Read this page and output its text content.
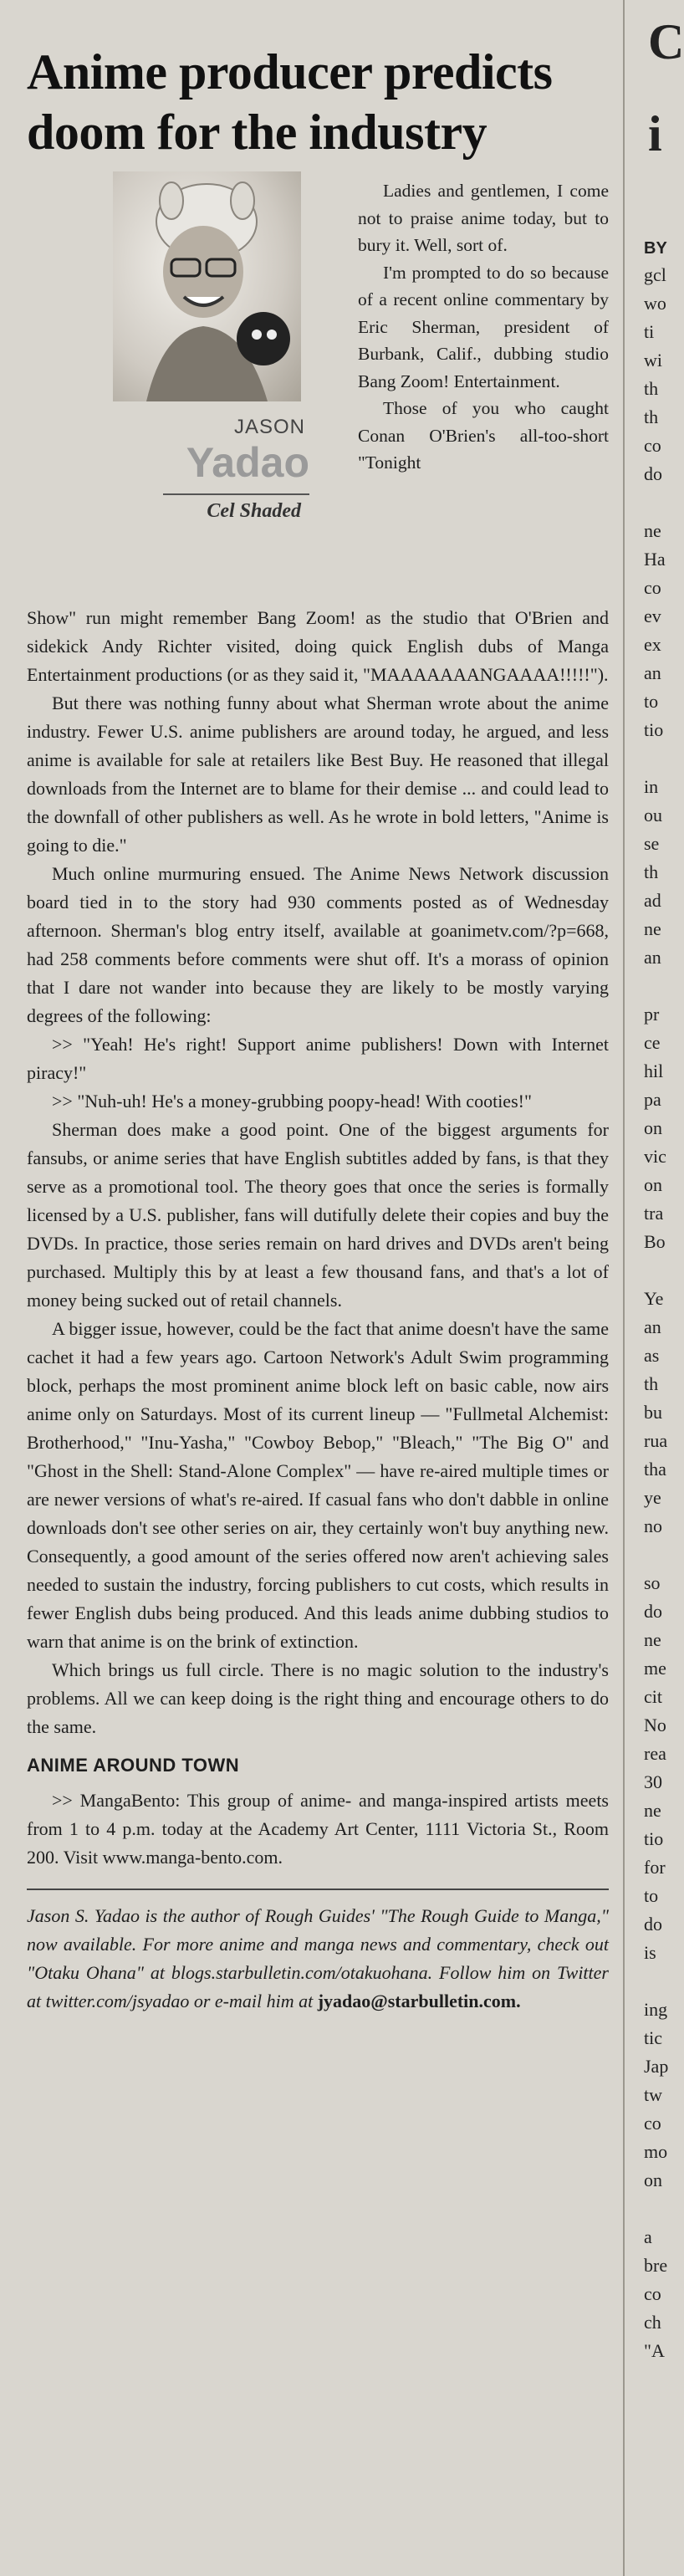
Anime producer predicts doom for the industry
JASON
Yadao
Cel Shaded

Ladies and gentlemen, I come not to praise anime today, but to bury it. Well, sort of.

I'm prompted to do so because of a recent online commentary by Eric Sherman, president of Burbank, Calif., dubbing studio Bang Zoom! Entertainment.

Those of you who caught Conan O'Brien's all-too-short "Tonight

Show" run might remember Bang Zoom! as the studio that O'Brien and sidekick Andy Richter visited, doing quick English dubs of Manga Entertainment productions (or as they said it, "MAAAAAAANGAAAA!!!!!").

But there was nothing funny about what Sherman wrote about the anime industry. Fewer U.S. anime publishers are around today, he argued, and less anime is available for sale at retailers like Best Buy. He reasoned that illegal downloads from the Internet are to blame for their demise ... and could lead to the downfall of other publishers as well. As he wrote in bold letters, "Anime is going to die."

Much online murmuring ensued. The Anime News Network discussion board tied in to the story had 930 comments posted as of Wednesday afternoon. Sherman's blog entry itself, available at goanimetv.com/?p=668, had 258 comments before comments were shut off. It's a morass of opinion that I dare not wander into because they are likely to be mostly varying degrees of the following:

>> "Yeah! He's right! Support anime publishers! Down with Internet piracy!"

>> "Nuh-uh! He's a money-grubbing poopy-head! With cooties!"

Sherman does make a good point. One of the biggest arguments for fansubs, or anime series that have English subtitles added by fans, is that they serve as a promotional tool. The theory goes that once the series is formally licensed by a U.S. publisher, fans will dutifully delete their copies and buy the DVDs. In practice, those series remain on hard drives and DVDs aren't being purchased. Multiply this by at least a few thousand fans, and that's a lot of money being sucked out of retail channels.

A bigger issue, however, could be the fact that anime doesn't have the same cachet it had a few years ago. Cartoon Network's Adult Swim programming block, perhaps the most prominent anime block left on basic cable, now airs anime only on Saturdays. Most of its current lineup — "Fullmetal Alchemist: Brotherhood," "Inu-Yasha," "Cowboy Bebop," "Bleach," "The Big O" and "Ghost in the Shell: Stand-Alone Complex" — have re-aired multiple times or are newer versions of what's re-aired. If casual fans who don't dabble in online downloads don't see other series on air, they certainly won't buy anything new. Consequently, a good amount of the series offered now aren't achieving sales needed to sustain the industry, forcing publishers to cut costs, which results in fewer English dubs being produced. And this leads anime dubbing studios to warn that anime is on the brink of extinction.

Which brings us full circle. There is no magic solution to the industry's problems. All we can keep doing is the right thing and encourage others to do the same.

ANIME AROUND TOWN

>> MangaBento: This group of anime- and manga-inspired artists meets from 1 to 4 p.m. today at the Academy Art Center, 1111 Victoria St., Room 200. Visit www.manga-bento.com.

Jason S. Yadao is the author of Rough Guides' "The Rough Guide to Manga," now available. For more anime and manga news and commentary, check out "Otaku Ohana" at blogs.starbulletin.com/otakuohana. Follow him on Twitter at twitter.com/jsyadao or e-mail him at jyadao@starbulletin.com.

C
i
BY
gcl
wo
ti
wi
th
th
co
do
ne
Ha
co
ev
ex
an
to
tio
in
ou
se
th
ad
ne
an
pr
ce
hil
pa
on
vic
on
tra
Bo
Ye
an
as
th
bu
rua
tha
ye
no
so
do
ne
me
cit
No
rea
30
ne
tio
for
to
do
is
ing
tic
Jap
tw
co
mo
on
a
bre
co
ch
"A
